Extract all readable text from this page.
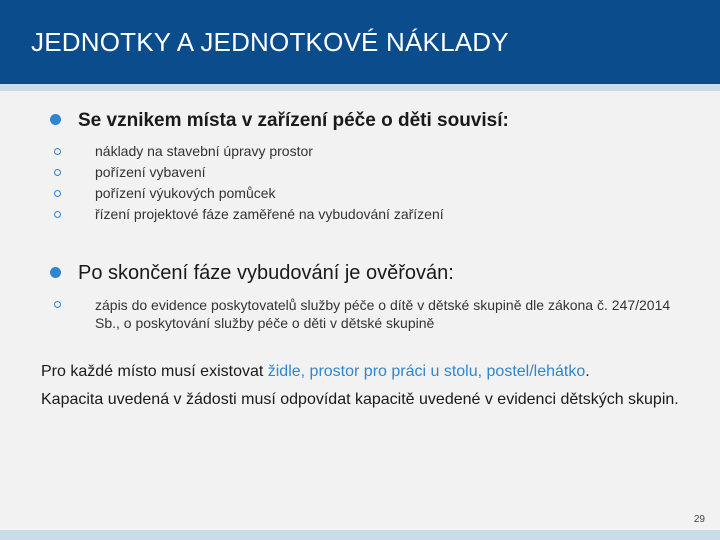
JEDNOTKY A JEDNOTKOVÉ NÁKLADY
Se vznikem místa v zařízení péče o děti souvisí:
náklady na stavební úpravy prostor
pořízení vybavení
pořízení výukových pomůcek
řízení projektové fáze zaměřené na vybudování zařízení
Po skončení fáze vybudování je ověřován:
zápis do evidence poskytovatelů služby péče o dítě v dětské skupině dle zákona č. 247/2014 Sb., o poskytování služby péče o děti v dětské skupině
Pro každé místo musí existovat židle, prostor pro práci u stolu, postel/lehátko.
Kapacita uvedená v žádosti musí odpovídat kapacitě uvedené v evidenci dětských skupin.
29
